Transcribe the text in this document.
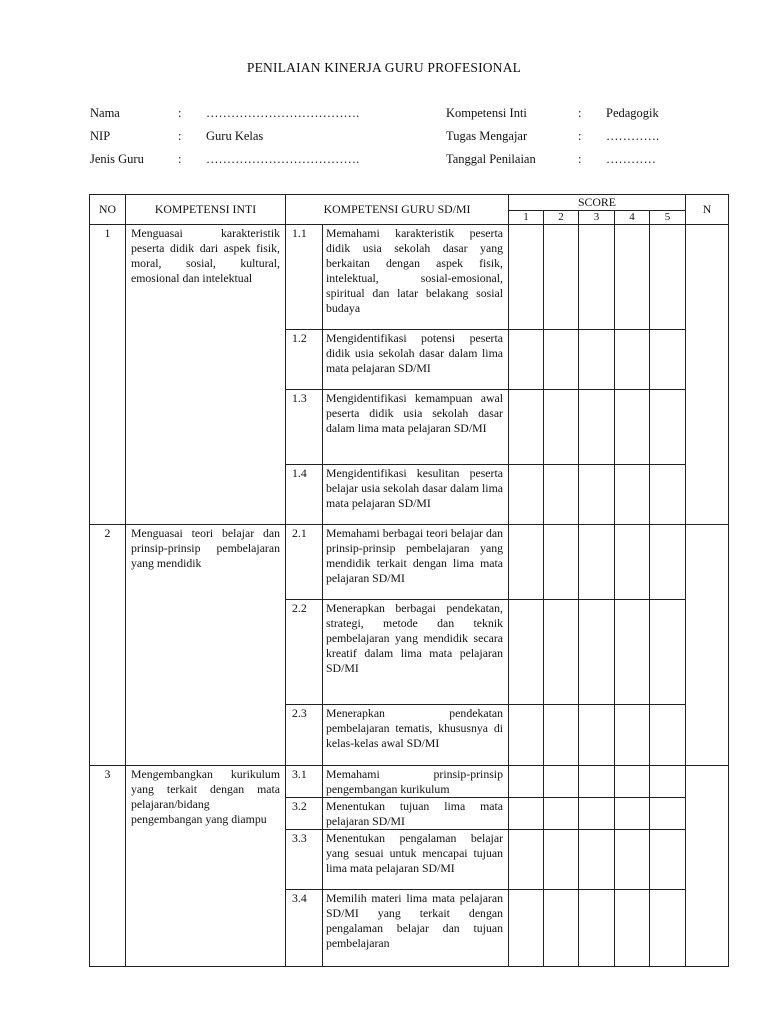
PENILAIAN KINERJA GURU PROFESIONAL
Nama	: ……………………………….
NIP	: Guru Kelas
Jenis Guru	: ……………………………….
Kompetensi Inti	: Pedagogik
Tugas Mengajar	: ………….
Tanggal Penilaian	: …………
NO	KOMPETENSI INTI	KOMPETENSI GURU SD/MI		SCORE					N
				1	2	3	4	5	
1	Menguasai karakteristik peserta didik dari aspek fisik, moral, sosial, kultural, emosional dan intelektual	1.1	Memahami karakteristik peserta didik usia sekolah dasar yang berkaitan dengan aspek fisik, intelektual, sosial-emosional, spiritual dan latar belakang sosial budaya						
		1.2	Mengidentifikasi potensi peserta didik usia sekolah dasar dalam lima mata pelajaran SD/MI						
		1.3	Mengidentifikasi kemampuan awal peserta didik usia sekolah dasar dalam lima mata pelajaran SD/MI						
		1.4	Mengidentifikasi kesulitan peserta belajar usia sekolah dasar dalam lima mata pelajaran SD/MI						
2	Menguasai teori belajar dan prinsip-prinsip pembelajaran yang mendidik	2.1	Memahami berbagai teori belajar dan prinsip-prinsip pembelajaran yang mendidik terkait dengan lima mata pelajaran SD/MI						
		2.2	Menerapkan berbagai pendekatan, strategi, metode dan teknik pembelajaran yang mendidik secara kreatif dalam lima mata pelajaran SD/MI						
		2.3	Menerapkan pendekatan pembelajaran tematis, khususnya di kelas-kelas awal SD/MI						
3	Mengembangkan kurikulum yang terkait dengan mata pelajaran/bidang pengembangan yang diampu	3.1	Memahami prinsip-prinsip pengembangan kurikulum						
		3.2	Menentukan tujuan lima mata pelajaran SD/MI						
		3.3	Menentukan pengalaman belajar yang sesuai untuk mencapai tujuan lima mata pelajaran SD/MI						
		3.4	Memilih materi lima mata pelajaran SD/MI yang terkait dengan pengalaman belajar dan tujuan pembelajaran						
